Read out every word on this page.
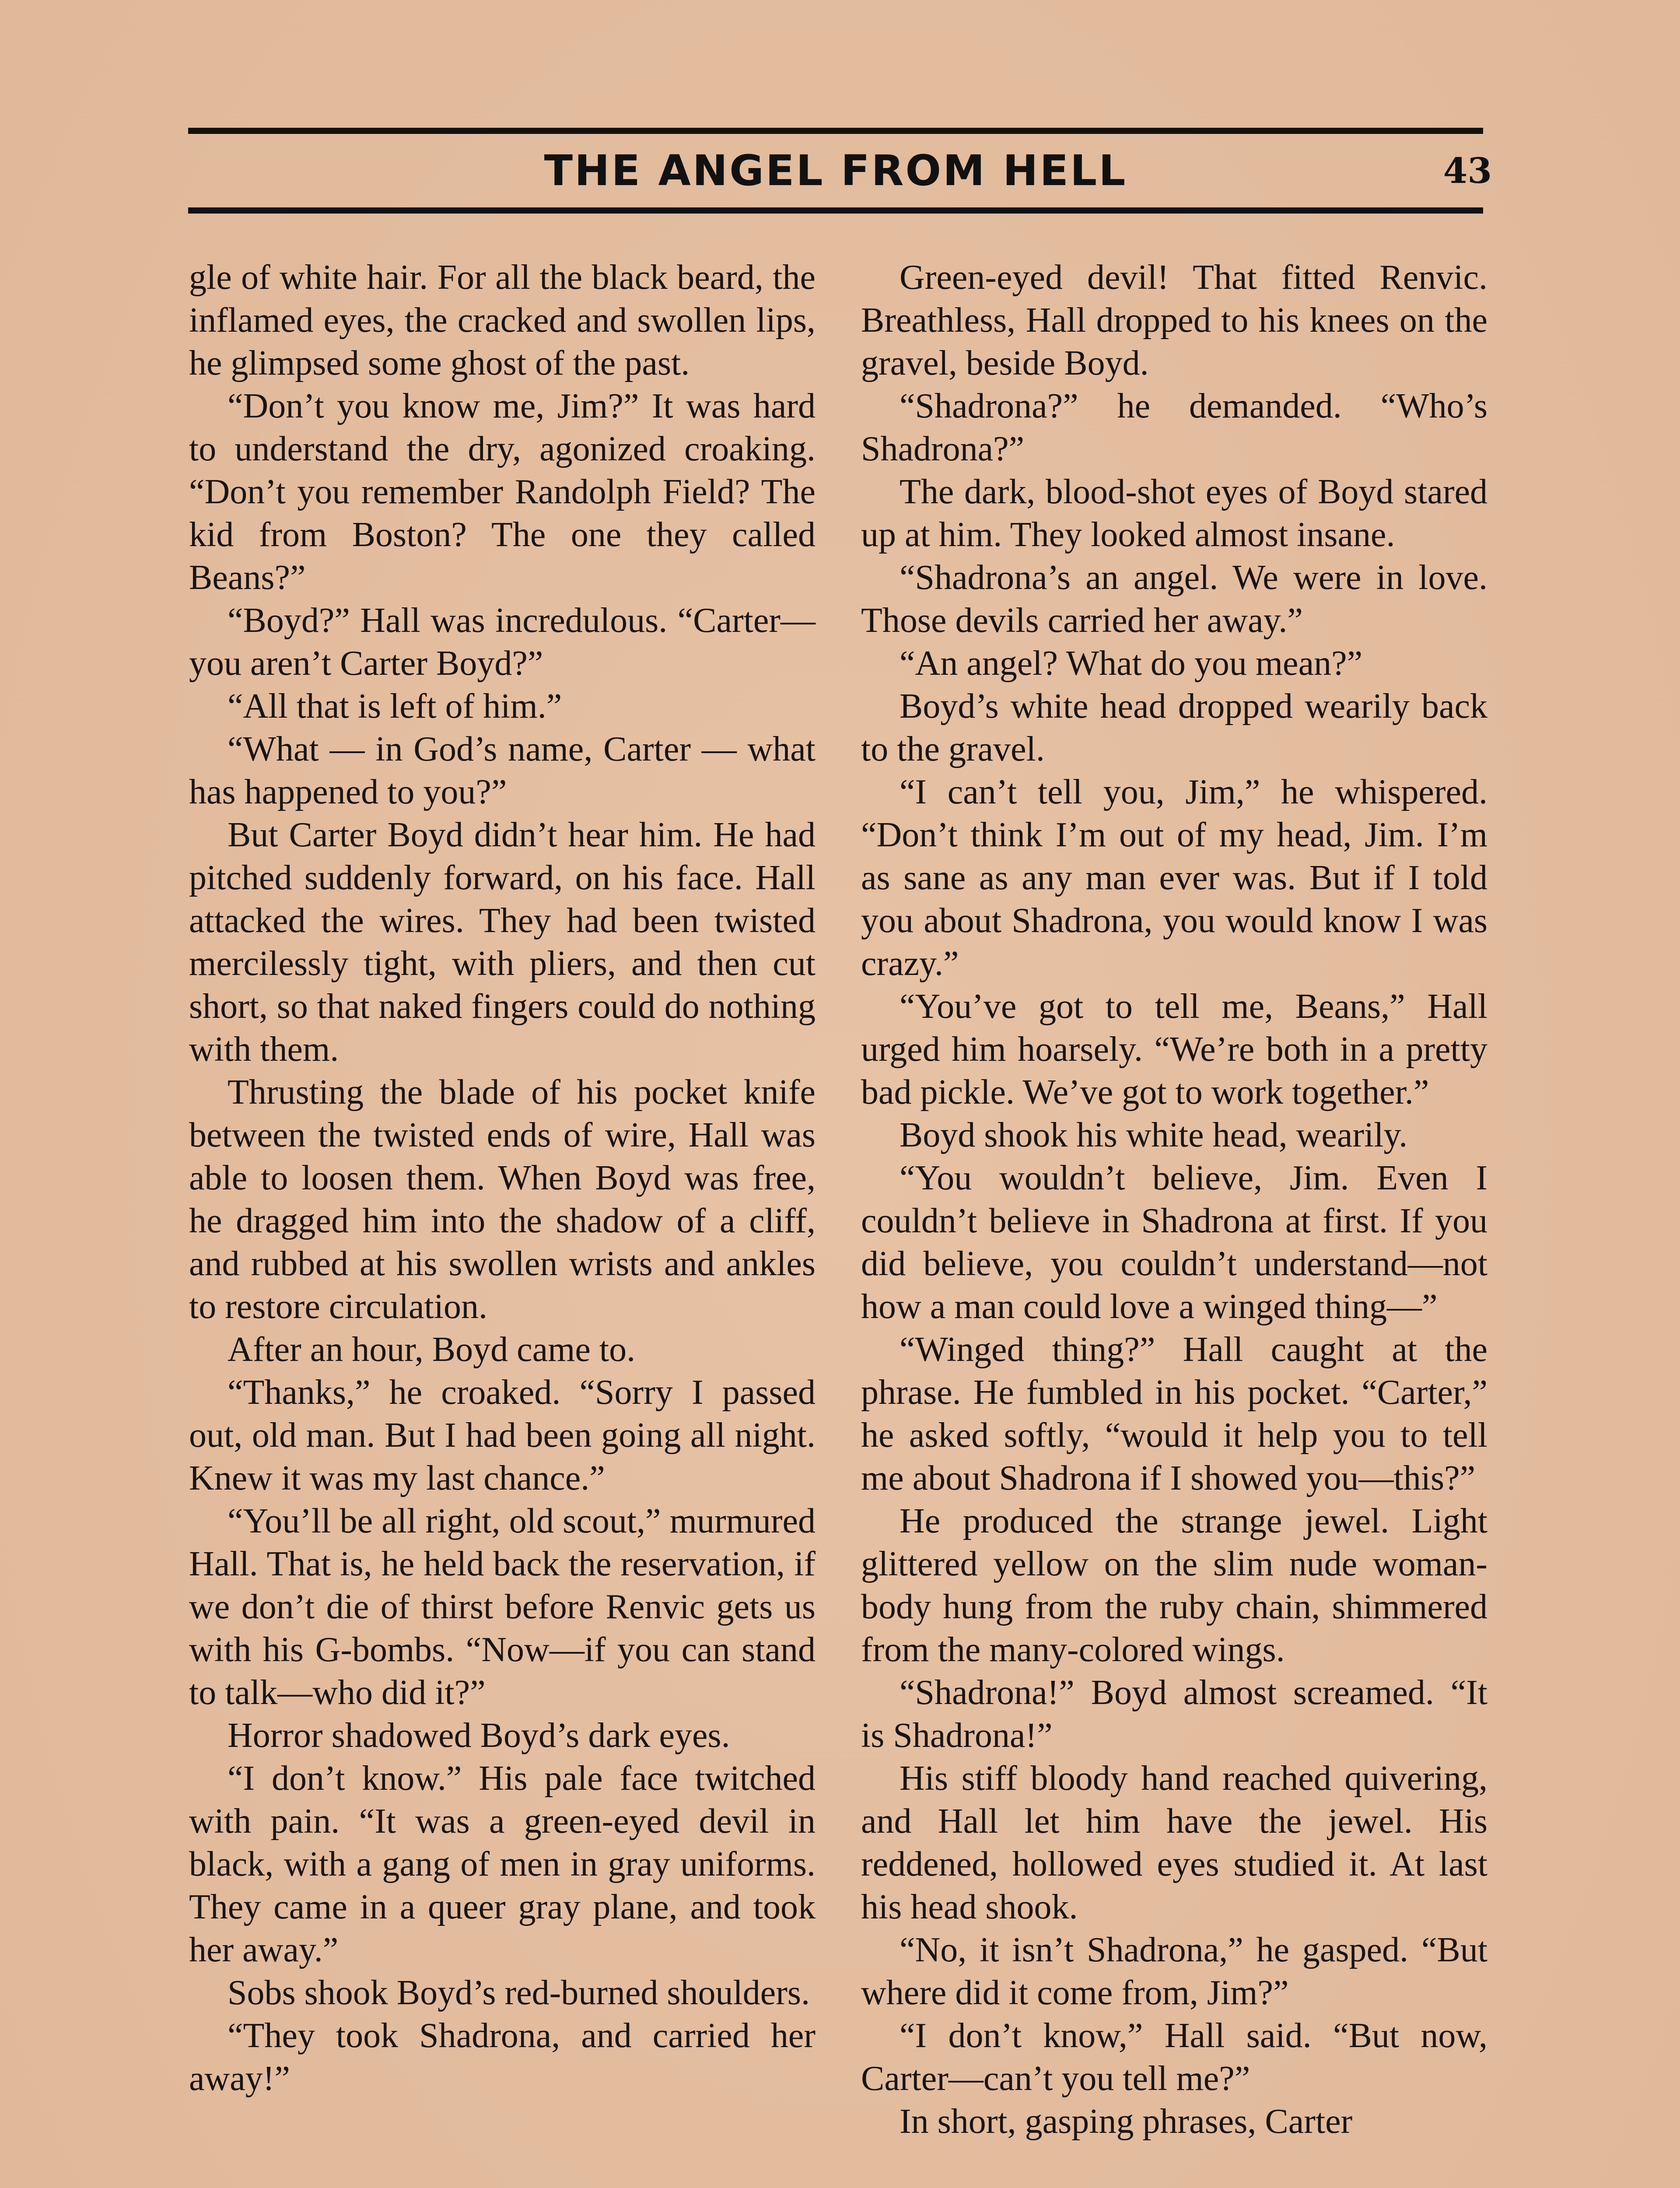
THE ANGEL FROM HELL	43

gle of white hair. For all the black beard, the inflamed eyes, the cracked and swollen lips, he glimpsed some ghost of the past.

“Don’t you know me, Jim?” It was hard to understand the dry, agonized croaking. “Don’t you remember Randolph Field? The kid from Boston? The one they called Beans?”

“Boyd?” Hall was incredulous. “Carter—you aren’t Carter Boyd?”

“All that is left of him.”

“What — in God’s name, Carter — what has happened to you?”

But Carter Boyd didn’t hear him. He had pitched suddenly forward, on his face. Hall attacked the wires. They had been twisted mercilessly tight, with pliers, and then cut short, so that naked fingers could do nothing with them.

Thrusting the blade of his pocket knife between the twisted ends of wire, Hall was able to loosen them. When Boyd was free, he dragged him into the shadow of a cliff, and rubbed at his swollen wrists and ankles to restore circulation.

After an hour, Boyd came to.

“Thanks,” he croaked. “Sorry I passed out, old man. But I had been going all night. Knew it was my last chance.”

“You’ll be all right, old scout,” murmured Hall. That is, he held back the reservation, if we don’t die of thirst before Renvic gets us with his G-bombs. “Now—if you can stand to talk—who did it?”

Horror shadowed Boyd’s dark eyes.

“I don’t know.” His pale face twitched with pain. “It was a green-eyed devil in black, with a gang of men in gray uniforms. They came in a queer gray plane, and took her away.”

Sobs shook Boyd’s red-burned shoulders.

“They took Shadrona, and carried her away!”

Green-eyed devil! That fitted Renvic. Breathless, Hall dropped to his knees on the gravel, beside Boyd.

“Shadrona?” he demanded. “Who’s Shadrona?”

The dark, blood-shot eyes of Boyd stared up at him. They looked almost insane.

“Shadrona’s an angel. We were in love. Those devils carried her away.”

“An angel? What do you mean?”

Boyd’s white head dropped wearily back to the gravel.

“I can’t tell you, Jim,” he whispered. “Don’t think I’m out of my head, Jim. I’m as sane as any man ever was. But if I told you about Shadrona, you would know I was crazy.”

“You’ve got to tell me, Beans,” Hall urged him hoarsely. “We’re both in a pretty bad pickle. We’ve got to work together.”

Boyd shook his white head, wearily.

“You wouldn’t believe, Jim. Even I couldn’t believe in Shadrona at first. If you did believe, you couldn’t understand—not how a man could love a winged thing—”

“Winged thing?” Hall caught at the phrase. He fumbled in his pocket. “Carter,” he asked softly, “would it help you to tell me about Shadrona if I showed you—this?”

He produced the strange jewel. Light glittered yellow on the slim nude woman-body hung from the ruby chain, shimmered from the many-colored wings.

“Shadrona!” Boyd almost screamed. “It is Shadrona!”

His stiff bloody hand reached quivering, and Hall let him have the jewel. His reddened, hollowed eyes studied it. At last his head shook.

“No, it isn’t Shadrona,” he gasped. “But where did it come from, Jim?”

“I don’t know,” Hall said. “But now, Carter—can’t you tell me?”

In short, gasping phrases, Carter
